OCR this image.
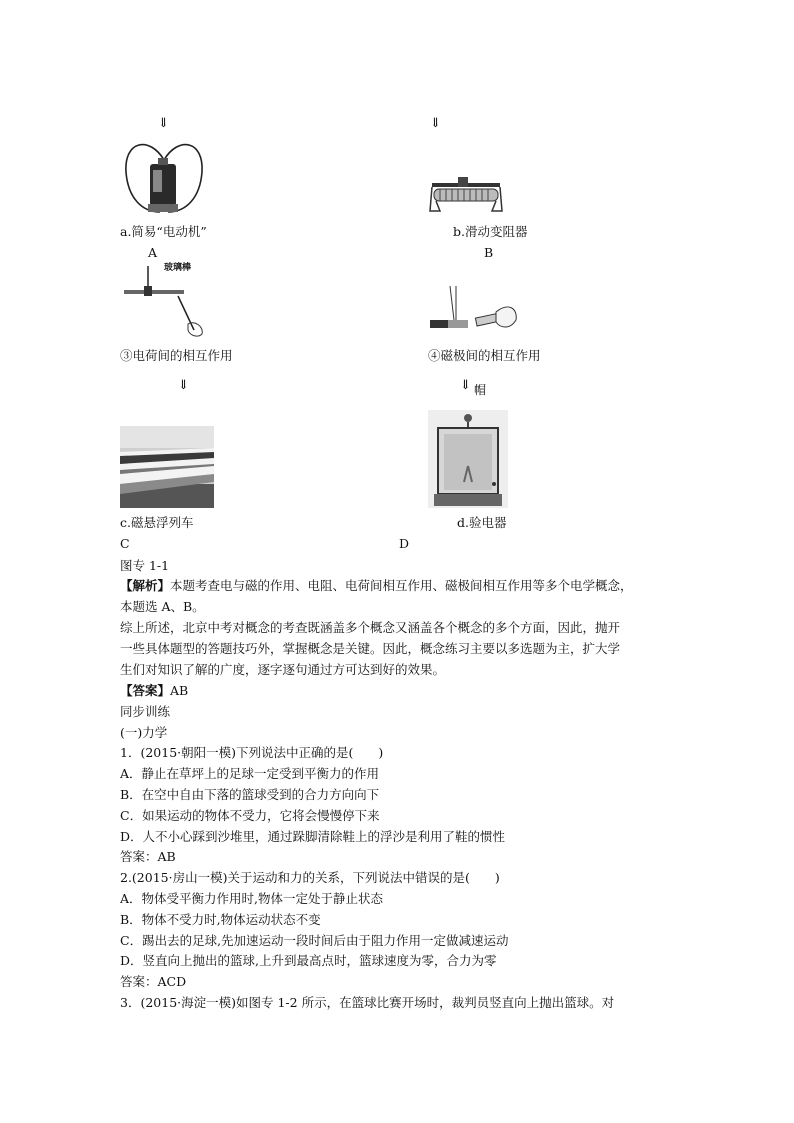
⇓	⇓
a.简易“电动机”	b.滑动变阻器
A	B
玻璃棒
③电荷间的相互作用	④磁极间的相互作用
⇓	⇓ 帽
c.磁悬浮列车	d.验电器
C	D
图专 1-1
【解析】本题考查电与磁的作用、电阻、电荷间相互作用、磁极间相互作用等多个电学概念，
本题选 A、B。
综上所述，北京中考对概念的考查既涵盖多个概念又涵盖各个概念的多个方面，因此，抛开
一些具体题型的答题技巧外，掌握概念是关键。因此，概念练习主要以多选题为主，扩大学
生们对知识了解的广度，逐字逐句通过方可达到好的效果。
【答案】AB
同步训练
(一)力学
1．(2015·朝阳一模)下列说法中正确的是(　　)
A．静止在草坪上的足球一定受到平衡力的作用
B．在空中自由下落的篮球受到的合力方向向下
C．如果运动的物体不受力，它将会慢慢停下来
D．人不小心踩到沙堆里，通过跺脚清除鞋上的浮沙是利用了鞋的惯性
答案：AB
2.(2015·房山一模)关于运动和力的关系，下列说法中错误的是(　　)
A．物体受平衡力作用时,物体一定处于静止状态
B．物体不受力时,物体运动状态不变
C．踢出去的足球,先加速运动一段时间后由于阻力作用一定做减速运动
D．竖直向上抛出的篮球,上升到最高点时，篮球速度为零，合力为零
答案：ACD
3．(2015·海淀一模)如图专 1-2 所示，在篮球比赛开场时，裁判员竖直向上抛出篮球。对
